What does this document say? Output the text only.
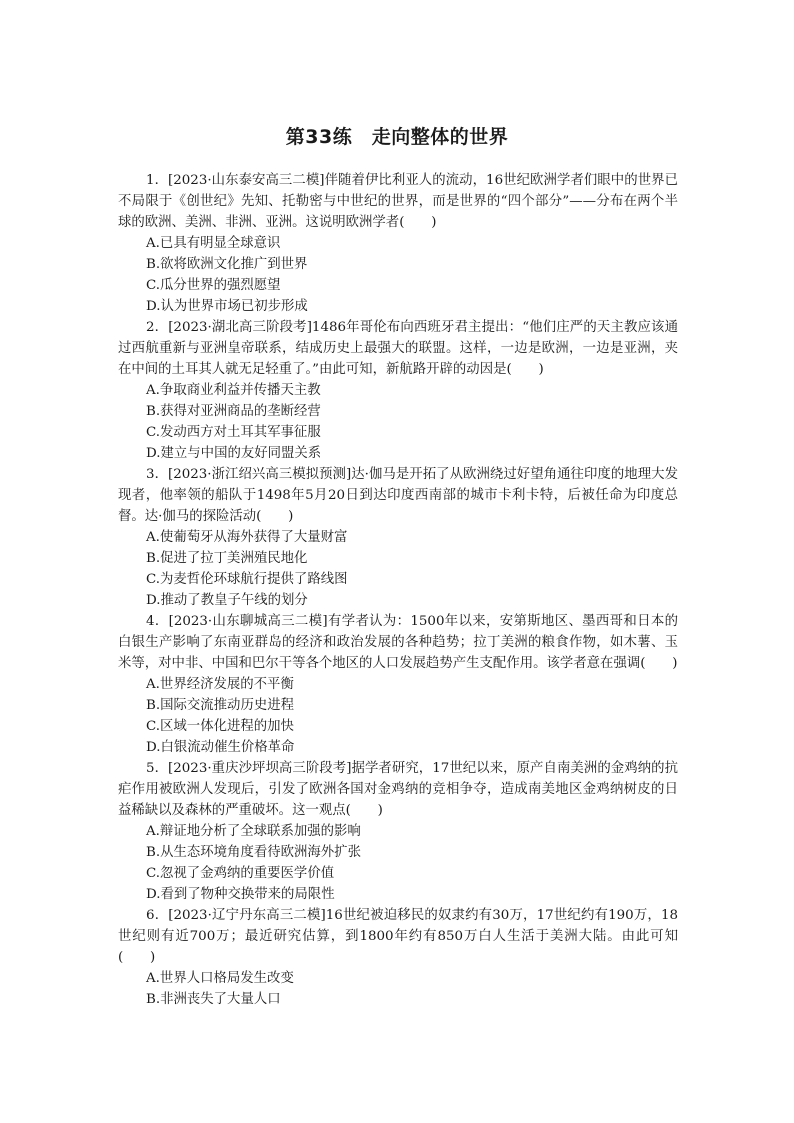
第33练　走向整体的世界

1．[2023·山东泰安高三二模]伴随着伊比利亚人的流动，16世纪欧洲学者们眼中的世界已不局限于《创世纪》先知、托勒密与中世纪的世界，而是世界的“四个部分”——分布在两个半球的欧洲、美洲、非洲、亚洲。这说明欧洲学者(　　)

A.已具有明显全球意识

B.欲将欧洲文化推广到世界

C.瓜分世界的强烈愿望

D.认为世界市场已初步形成

2．[2023·湖北高三阶段考]1486年哥伦布向西班牙君主提出：“他们庄严的天主教应该通过西航重新与亚洲皇帝联系，结成历史上最强大的联盟。这样，一边是欧洲，一边是亚洲，夹在中间的土耳其人就无足轻重了。”由此可知，新航路开辟的动因是(　　)

A.争取商业利益并传播天主教

B.获得对亚洲商品的垄断经营

C.发动西方对土耳其军事征服

D.建立与中国的友好同盟关系

3．[2023·浙江绍兴高三模拟预测]达·伽马是开拓了从欧洲绕过好望角通往印度的地理大发现者，他率领的船队于1498年5月20日到达印度西南部的城市卡利卡特，后被任命为印度总督。达·伽马的探险活动(　　)

A.使葡萄牙从海外获得了大量财富

B.促进了拉丁美洲殖民地化

C.为麦哲伦环球航行提供了路线图

D.推动了教皇子午线的划分

4．[2023·山东聊城高三二模]有学者认为：1500年以来，安第斯地区、墨西哥和日本的白银生产影响了东南亚群岛的经济和政治发展的各种趋势；拉丁美洲的粮食作物，如木薯、玉米等，对中非、中国和巴尔干等各个地区的人口发展趋势产生支配作用。该学者意在强调(　　)

A.世界经济发展的不平衡

B.国际交流推动历史进程

C.区域一体化进程的加快

D.白银流动催生价格革命

5．[2023·重庆沙坪坝高三阶段考]据学者研究，17世纪以来，原产自南美洲的金鸡纳的抗疟作用被欧洲人发现后，引发了欧洲各国对金鸡纳的竞相争夺，造成南美地区金鸡纳树皮的日益稀缺以及森林的严重破坏。这一观点(　　)

A.辩证地分析了全球联系加强的影响

B.从生态环境角度看待欧洲海外扩张

C.忽视了金鸡纳的重要医学价值

D.看到了物种交换带来的局限性

6．[2023·辽宁丹东高三二模]16世纪被迫移民的奴隶约有30万，17世纪约有190万，18世纪则有近700万；最近研究估算，到1800年约有850万白人生活于美洲大陆。由此可知(　　)

A.世界人口格局发生改变

B.非洲丧失了大量人口
